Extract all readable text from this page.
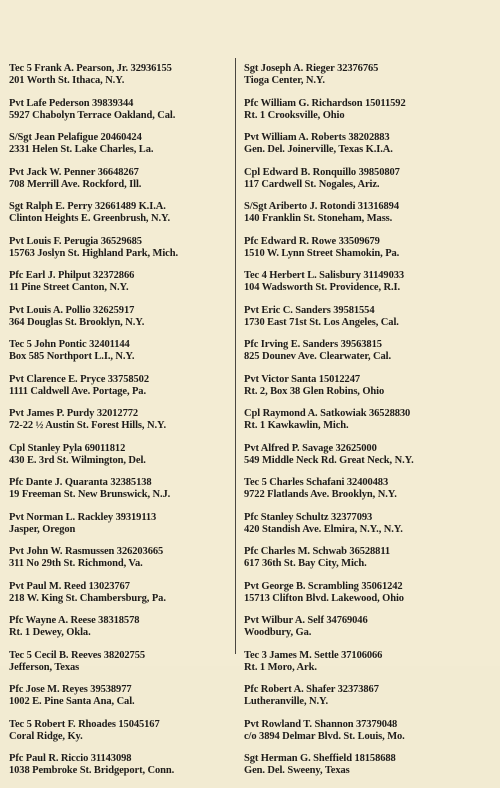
Tec 5 Frank A. Pearson, Jr. 32936155
201 Worth St. Ithaca, N.Y.
Pvt Lafe Pederson 39839344
5927 Chabolyn Terrace Oakland, Cal.
S/Sgt Jean Pelafigue 20460424
2331 Helen St. Lake Charles, La.
Pvt Jack W. Penner 36648267
708 Merrill Ave. Rockford, Ill.
Sgt Ralph E. Perry 32661489 K.I.A.
Clinton Heights E. Greenbrush, N.Y.
Pvt Louis F. Perugia 36529685
15763 Joslyn St. Highland Park, Mich.
Pfc Earl J. Philput 32372866
11 Pine Street Canton, N.Y.
Pvt Louis A. Pollio 32625917
364 Douglas St. Brooklyn, N.Y.
Tec 5 John Pontic 32401144
Box 585 Northport L.I., N.Y.
Pvt Clarence E. Pryce 33758502
1111 Caldwell Ave. Portage, Pa.
Pvt James P. Purdy 32012772
72-22 ½ Austin St. Forest Hills, N.Y.
Cpl Stanley Pyla 69011812
430 E. 3rd St. Wilmington, Del.
Pfc Dante J. Quaranta 32385138
19 Freeman St. New Brunswick, N.J.
Pvt Norman L. Rackley 39319113
Jasper, Oregon
Pvt John W. Rasmussen 326203665
311 No 29th St. Richmond, Va.
Pvt Paul M. Reed 13023767
218 W. King St. Chambersburg, Pa.
Pfc Wayne A. Reese 38318578
Rt. 1 Dewey, Okla.
Tec 5 Cecil B. Reeves 38202755
Jefferson, Texas
Pfc Jose M. Reyes 39538977
1002 E. Pine Santa Ana, Cal.
Tec 5 Robert F. Rhoades 15045167
Coral Ridge, Ky.
Pfc Paul R. Riccio 31143098
1038 Pembroke St. Bridgeport, Conn.
Sgt Joseph A. Rieger 32376765
Tioga Center, N.Y.
Pfc William G. Richardson 15011592
Rt. 1 Crooksville, Ohio
Pvt William A. Roberts 38202883
Gen. Del. Joinerville, Texas K.I.A.
Cpl Edward B. Ronquillo 39850807
117 Cardwell St. Nogales, Ariz.
S/Sgt Ariberto J. Rotondi 31316894
140 Franklin St. Stoneham, Mass.
Pfc Edward R. Rowe 33509679
1510 W. Lynn Street Shamokin, Pa.
Tec 4 Herbert L. Salisbury 31149033
104 Wadsworth St. Providence, R.I.
Pvt Eric C. Sanders 39581554
1730 East 71st St. Los Angeles, Cal.
Pfc Irving E. Sanders 39563815
825 Dounev Ave. Clearwater, Cal.
Pvt Victor Santa 15012247
Rt. 2, Box 38 Glen Robins, Ohio
Cpl Raymond A. Satkowiak 36528830
Rt. 1 Kawkawlin, Mich.
Pvt Alfred P. Savage 32625000
549 Middle Neck Rd. Great Neck, N.Y.
Tec 5 Charles Schafani 32400483
9722 Flatlands Ave. Brooklyn, N.Y.
Pfc Stanley Schultz 32377093
420 Standish Ave. Elmira, N.Y., N.Y.
Pfc Charles M. Schwab 36528811
617 36th St. Bay City, Mich.
Pvt George B. Scrambling 35061242
15713 Clifton Blvd. Lakewood, Ohio
Pvt Wilbur A. Self 34769046
Woodbury, Ga.
Tec 3 James M. Settle 37106066
Rt. 1 Moro, Ark.
Pfc Robert A. Shafer 32373867
Lutheranville, N.Y.
Pvt Rowland T. Shannon 37379048
c/o 3894 Delmar Blvd. St. Louis, Mo.
Sgt Herman G. Sheffield 18158688
Gen. Del. Sweeny, Texas
